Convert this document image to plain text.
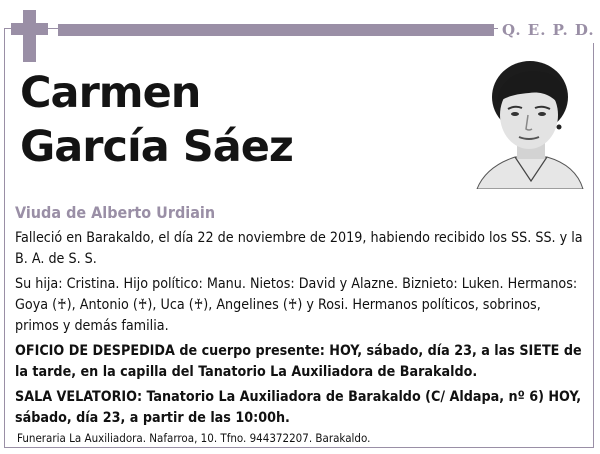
Q. E. P. D.
Carmen
García Sáez
Viuda de Alberto Urdiain

Falleció en Barakaldo, el día 22 de noviembre de 2019, habiendo recibido los SS. SS. y la B. A. de S. S.

Su hija: Cristina. Hijo político: Manu. Nietos: David y Alazne. Biznieto: Luken. Hermanos: Goya (♰), Antonio (♰), Uca (♰), Angelines (♰) y Rosi. Hermanos políticos, sobrinos, primos y demás familia.

OFICIO DE DESPEDIDA de cuerpo presente: HOY, sábado, día 23, a las SIETE de la tarde, en la capilla del Tanatorio La Auxiliadora de Barakaldo.

SALA VELATORIO: Tanatorio La Auxiliadora de Barakaldo (C/ Aldapa, nº 6) HOY, sábado, día 23, a partir de las 10:00h.

Funeraria La Auxiliadora. Nafarroa, 10. Tfno. 944372207. Barakaldo.
